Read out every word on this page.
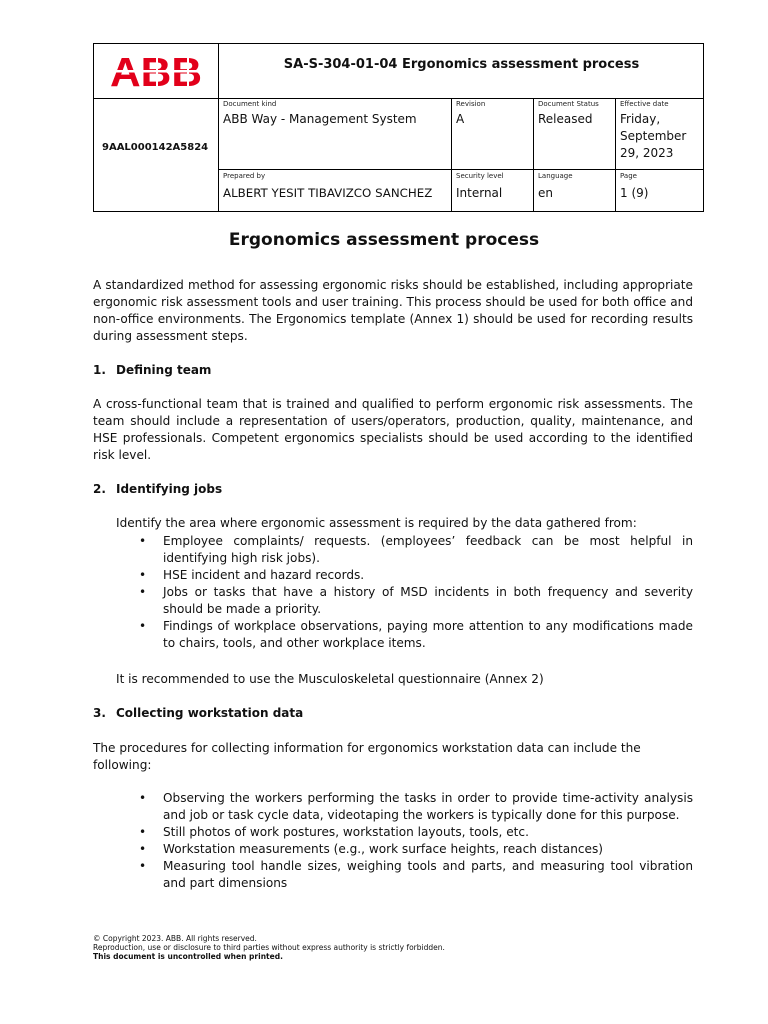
SA-S-304-01-04 Ergonomics assessment process
9AAL000142A5824
Document kind
ABB Way - Management System
Revision
A
Document Status
Released
Effective date
Friday,
September
29, 2023
Prepared by
ALBERT YESIT TIBAVIZCO SANCHEZ
Security level
Internal
Language
en
Page
1 (9)
Ergonomics assessment process

A standardized method for assessing ergonomic risks should be established, including appropriate ergonomic risk assessment tools and user training. This process should be used for both office and non-office environments. The Ergonomics template (Annex 1) should be used for recording results during assessment steps.

1. Defining team

A cross-functional team that is trained and qualified to perform ergonomic risk assessments. The team should include a representation of users/operators, production, quality, maintenance, and HSE professionals. Competent ergonomics specialists should be used according to the identified risk level.

2. Identifying jobs

Identify the area where ergonomic assessment is required by the data gathered from:

• Employee complaints/ requests. (employees’ feedback can be most helpful in identifying high risk jobs).
• HSE incident and hazard records.
• Jobs or tasks that have a history of MSD incidents in both frequency and severity should be made a priority.
• Findings of workplace observations, paying more attention to any modifications made to chairs, tools, and other workplace items.

It is recommended to use the Musculoskeletal questionnaire (Annex 2)

3. Collecting workstation data

The procedures for collecting information for ergonomics workstation data can include the following:

• Observing the workers performing the tasks in order to provide time-activity analysis and job or task cycle data, videotaping the workers is typically done for this purpose.
• Still photos of work postures, workstation layouts, tools, etc.
• Workstation measurements (e.g., work surface heights, reach distances)
• Measuring tool handle sizes, weighing tools and parts, and measuring tool vibration and part dimensions
© Copyright 2023. ABB. All rights reserved.
Reproduction, use or disclosure to third parties without express authority is strictly forbidden.
This document is uncontrolled when printed.
